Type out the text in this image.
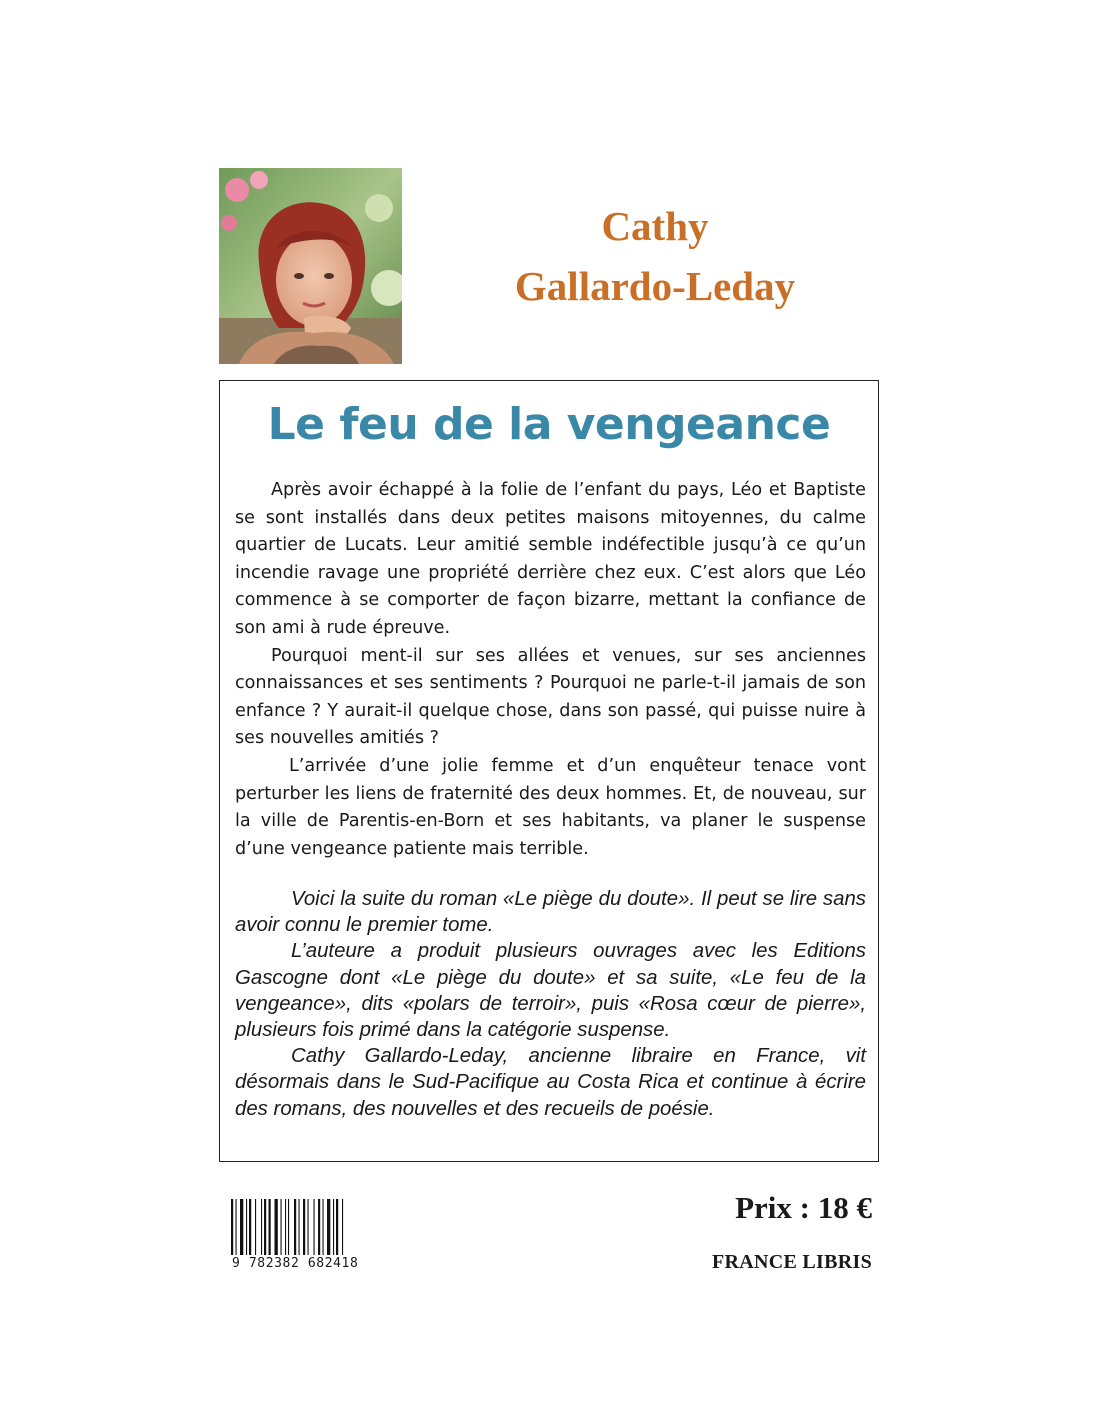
Cathy
Gallardo-Leday
Le feu de la vengeance

Après avoir échappé à la folie de l’enfant du pays, Léo et Baptiste se sont installés dans deux petites maisons mitoyennes, du calme quartier de Lucats. Leur amitié semble indéfectible jusqu’à ce qu’un incendie ravage une propriété derrière chez eux. C’est alors que Léo commence à se comporter de façon bizarre, mettant la confiance de son ami à rude épreuve.

Pourquoi ment-il sur ses allées et venues, sur ses anciennes connaissances et ses sentiments ? Pourquoi ne parle-t-il jamais de son enfance ? Y aurait-il quelque chose, dans son passé, qui puisse nuire à ses nouvelles amitiés ?

L’arrivée d’une jolie femme et d’un enquêteur tenace vont perturber les liens de fraternité des deux hommes. Et, de nouveau, sur la ville de Parentis-en-Born et ses habitants, va planer le suspense d’une vengeance patiente mais terrible.

Voici la suite du roman «Le piège du doute». Il peut se lire sans avoir connu le premier tome.

L’auteure a produit plusieurs ouvrages avec les Editions Gascogne dont «Le piège du doute» et sa suite, «Le feu de la vengeance», dits «polars de terroir», puis «Rosa cœur de pierre», plusieurs fois primé dans la catégorie suspense.

Cathy Gallardo-Leday, ancienne libraire en France, vit désormais dans le Sud-Pacifique au Costa Rica et continue à écrire des romans, des nouvelles et des recueils de poésie.

9 782382 682418
Prix : 18 €
FRANCE LIBRIS
